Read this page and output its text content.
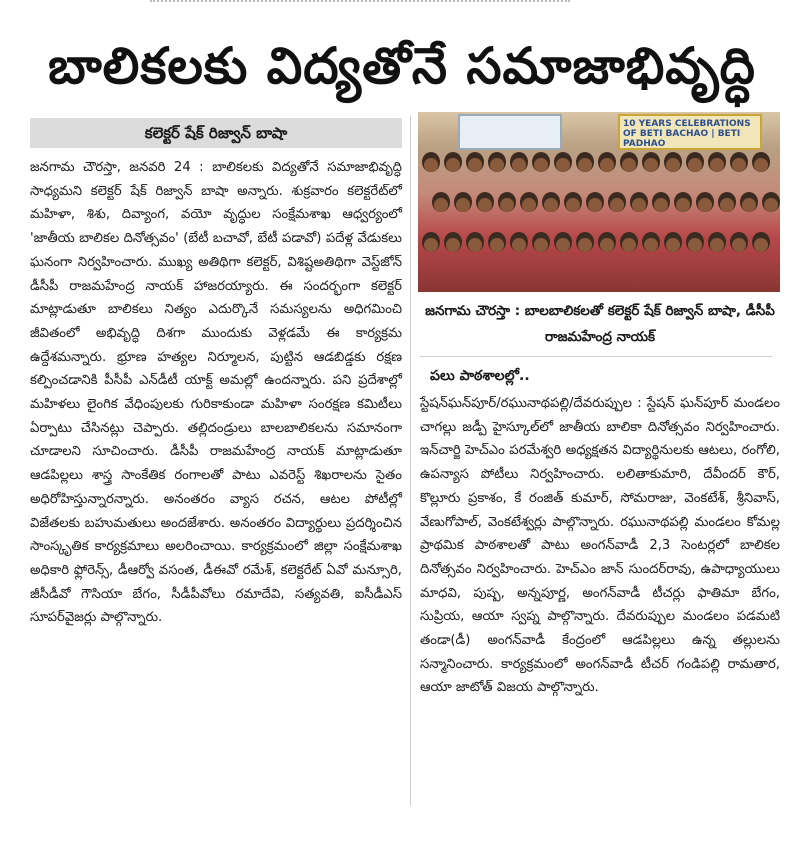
బాలికలకు విద్యతోనే సమాజాభివృద్ధి
కలెక్టర్ షేక్ రిజ్వాన్ బాషా

జనగామ చౌరస్తా, జనవరి 24 : బాలికలకు విద్యతోనే సమాజాభివృద్ధి సాధ్యమని కలెక్టర్ షేక్ రిజ్వాన్ బాషా అన్నారు. శుక్రవారం కలెక్టరేట్‌లో మహిళా, శిశు, దివ్యాంగ, వయో వృద్ధుల సంక్షేమశాఖ ఆధ్వర్యంలో 'జాతీయ బాలికల దినోత్సవం' (బేటీ బచావో, బేటీ పడావో) పదేళ్ల వేడుకలు ఘనంగా నిర్వహించారు. ముఖ్య అతిథిగా కలెక్టర్, విశిష్టఅతిథిగా వెస్ట్‌జోన్ డీసీపీ రాజమహేంద్ర నాయక్ హాజరయ్యారు. ఈ సందర్భంగా కలెక్టర్ మాట్లాడుతూ బాలికలు నిత్యం ఎదుర్కొనే సమస్యలను అధిగమించి జీవితంలో అభివృద్ధి దిశగా ముందుకు వెళ్లడమే ఈ కార్యక్రమ ఉద్దేశమన్నారు. భ్రూణ హత్యల నిర్మూలన, పుట్టిన ఆడబిడ్డకు రక్షణ కల్పించడానికి పీసీపీ ఎన్‌డీటీ యాక్ట్ అమల్లో ఉందన్నారు. పని ప్రదేశాల్లో మహిళలు లైంగిక వేధింపులకు గురికాకుండా మహిళా సంరక్షణ కమిటీలు ఏర్పాటు చేసినట్లు చెప్పారు. తల్లిదండ్రులు బాలబాలికలను సమానంగా చూడాలని సూచించారు. డీసీపీ రాజమహేంద్ర నాయక్ మాట్లాడుతూ ఆడపిల్లలు శాస్త్ర సాంకేతిక రంగాలతో పాటు ఎవరెస్ట్ శిఖరాలను సైతం అధిరోహిస్తున్నారన్నారు. అనంతరం వ్యాస రచన, ఆటల పోటీల్లో విజేతలకు బహుమతులు అందజేశారు. అనంతరం విద్యార్థులు ప్రదర్శించిన సాంస్కృతిక కార్యక్రమాలు అలరించాయి. కార్యక్రమంలో జిల్లా సంక్షేమశాఖ అధికారి ఫ్లోరెన్స్, డీఆర్వో వసంత, డీఈవో రమేశ్, కలెక్టరేట్ ఏవో మన్సూరి, జీసీడీవో గౌసియా బేగం, సీడీపీవోలు రమాదేవి, సత్యవతి, ఐసీడీఎస్ సూపర్‌వైజర్లు పాల్గొన్నారు.

10 YEARS CELEBRATIONS OF BETI BACHAO | BETI PADHAO
జనగామ చౌరస్తా : బాలబాలికలతో కలెక్టర్ షేక్ రిజ్వాన్ బాషా, డీసీపీ రాజమహేంద్ర నాయక్
పలు పాఠశాలల్లో..

స్టేషన్‌ఘన్‌పూర్/రఘునాథపల్లి/దేవరుప్పుల : స్టేషన్ ఘన్‌పూర్ మండలం చాగల్లు జడ్పీ హైస్కూల్‌లో జాతీయ బాలికా దినోత్సవం నిర్వహించారు. ఇన్‌చార్జి హెచ్‌ఎం పరమేశ్వరి అధ్యక్షతన విద్యార్థినులకు ఆటలు, రంగోలి, ఉపన్యాస పోటీలు నిర్వహించారు. లలితాకుమారి, దేవీందర్ కౌర్, కొల్లూరు ప్రకాశం, కే రంజిత్ కుమార్, సోమరాజు, వెంకటేశ్, శ్రీనివాస్, వేణుగోపాల్, వెంకటేశ్వర్లు పాల్గొన్నారు. రఘునాథపల్లి మండలం కోమల్ల ప్రాథమిక పాఠశాలతో పాటు అంగన్‌వాడీ 2,3 సెంటర్లలో బాలికల దినోత్సవం నిర్వహించారు. హెచ్‌ఎం జాన్ సుందర్‌రావు, ఉపాధ్యాయులు మాధవి, పుష్ప, అన్నపూర్ణ, అంగన్‌వాడీ టీచర్లు ఫాతిమా బేగం, సుప్రియ, ఆయా స్వప్న పాల్గొన్నారు. దేవరుప్పుల మండలం పడమటి తండా(డీ) అంగన్‌వాడీ కేంద్రంలో ఆడపిల్లలు ఉన్న తల్లులను సన్మానించారు. కార్యక్రమంలో అంగన్‌వాడీ టీచర్ గండిపల్లి రామతార, ఆయా జాటోత్ విజయ పాల్గొన్నారు.
